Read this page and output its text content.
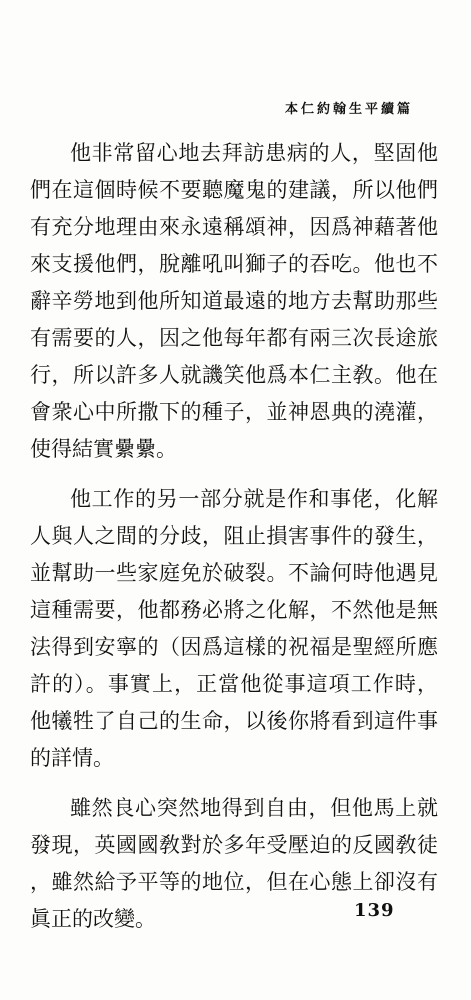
本仁約翰生平續篇
他非常留心地去拜訪患病的人，堅固他
們在這個時候不要聽魔鬼的建議，所以他們
有充分地理由來永遠稱頌神，因爲神藉著他
來支援他們，脫離吼叫獅子的吞吃。他也不
辭辛勞地到他所知道最遠的地方去幫助那些
有需要的人，因之他每年都有兩三次長途旅
行，所以許多人就譏笑他爲本仁主敎。他在
會衆心中所撒下的種子，並神恩典的澆灌，
使得結實纍纍。
他工作的另一部分就是作和事佬，化解
人與人之間的分歧，阻止損害事件的發生，
並幫助一些家庭免於破裂。不論何時他遇見
這種需要，他都務必將之化解，不然他是無
法得到安寧的（因爲這樣的祝福是聖經所應
許的）。事實上，正當他從事這項工作時，
他犧牲了自己的生命，以後你將看到這件事
的詳情。
雖然良心突然地得到自由，但他馬上就
發現，英國國敎對於多年受壓迫的反國敎徒
，雖然給予平等的地位，但在心態上卻沒有
眞正的改變。	139
